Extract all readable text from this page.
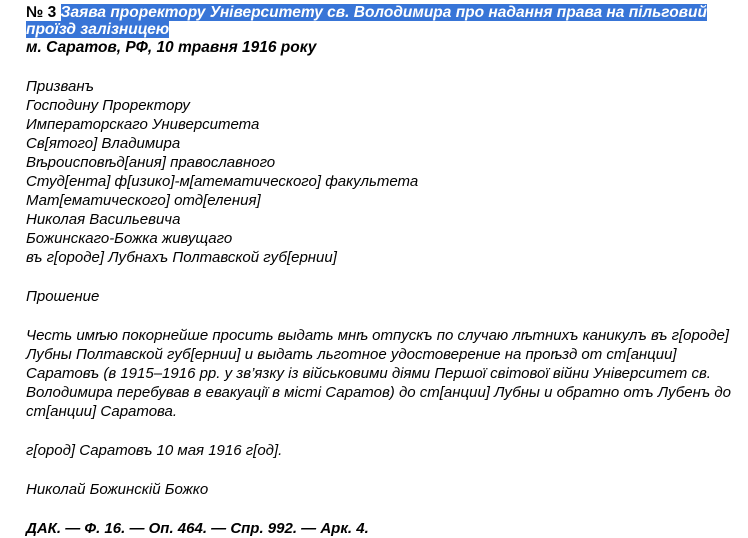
№ 3 Заява проректору Університету св. Володимира про надання права на пільговий проїзд залізницею

м. Саратов, РФ, 10 травня 1916 року

Призванъ
Господину Проректору
Императорскаго Университета
Св[ятого] Владимира
Вѣроисповѣд[ания] православного
Студ[ента] ф[изико]-м[атематического] факультета
Мат[ематического] отд[еления]
Николая Васильевича
Божинскаго-Божка живущаго
въ г[ороде] Лубнахъ Полтавской губ[ернии]

Прошение

Честь имѣю покорнейше просить выдать мнѣ отпускъ по случаю лѣтнихъ каникулъ въ г[ороде] Лубны Полтавской губ[ернии] и выдать льготное удостоверение на проѣзд от ст[анции] Саратовъ (в 1915–1916 рр. у зв’язку із військовими діями Першої світової війни Університет св. Володимира перебував в евакуації в місті Саратов) до ст[анции] Лубны и обратно отъ Лубенъ до ст[анции] Саратова.

г[ород] Саратовъ 10 мая 1916 г[од].

Николай Божинскій Божко

ДАК. — Ф. 16. — Оп. 464. — Спр. 992. — Арк. 4.
